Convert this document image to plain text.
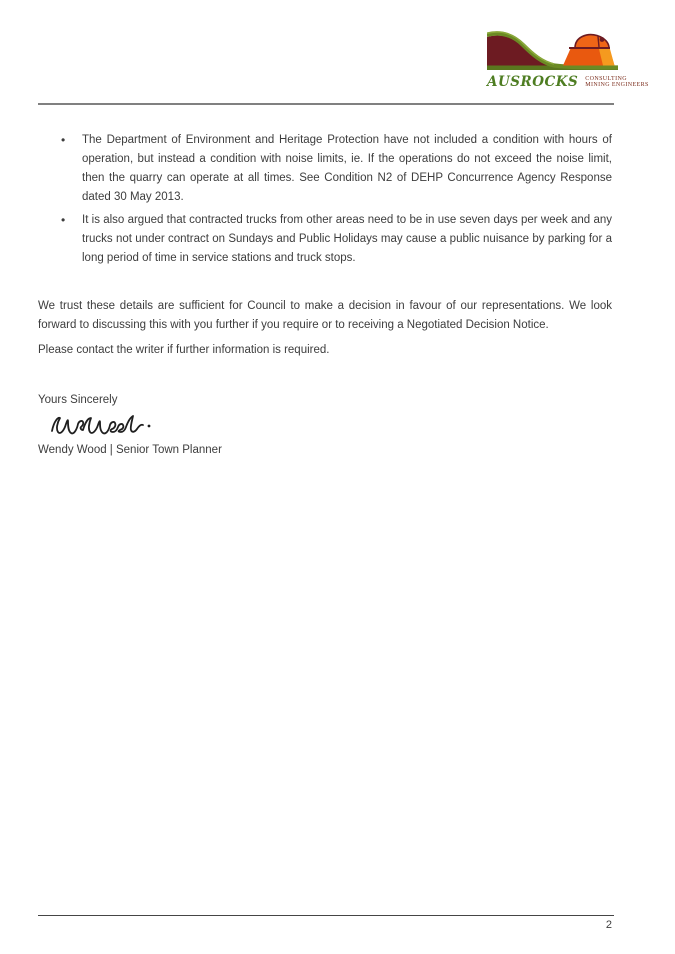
AUSROCKS CONSULTING
MINING ENGINEERS
•
The Department of Environment and Heritage Protection have not included a condition with hours of operation, but instead a condition with noise limits, ie. If the operations do not exceed the noise limit, then the quarry can operate at all times. See Condition N2 of DEHP Concurrence Agency Response dated 30 May 2013.
•
It is also argued that contracted trucks from other areas need to be in use seven days per week and any trucks not under contract on Sundays and Public Holidays may cause a public nuisance by parking for a long period of time in service stations and truck stops.

We trust these details are sufficient for Council to make a decision in favour of our representations. We look forward to discussing this with you further if you require or to receiving a Negotiated Decision Notice.

Please contact the writer if further information is required.

Yours Sincerely

Wendy Wood | Senior Town Planner

2
